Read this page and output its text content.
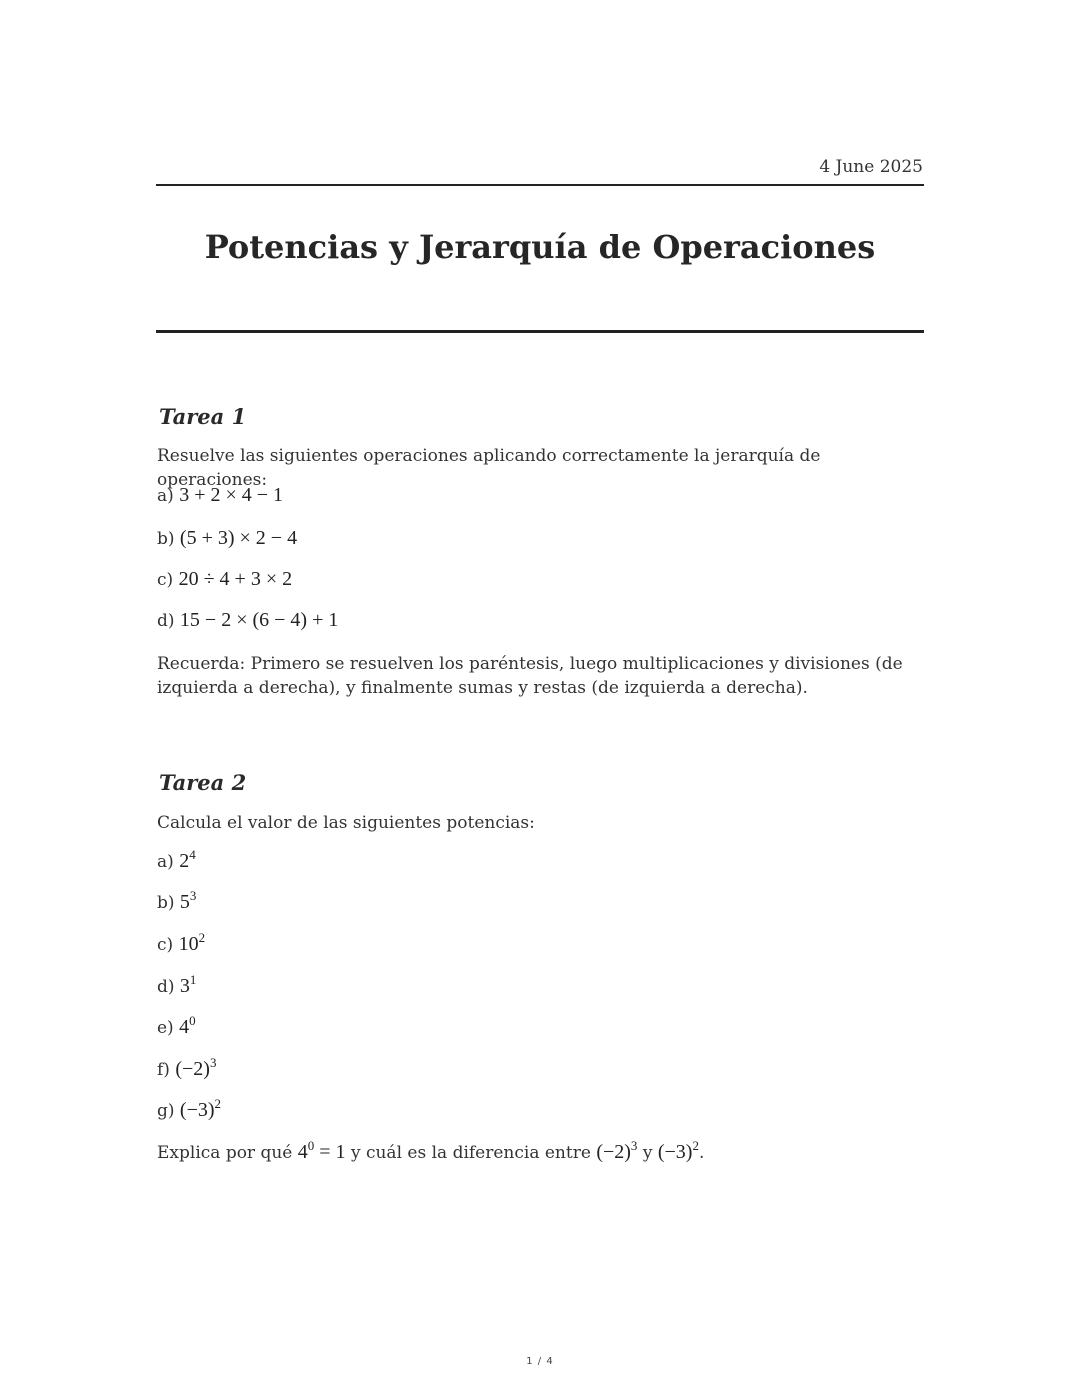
4 June 2025
Potencias y Jerarquía de Operaciones
Tarea 1
Resuelve las siguientes operaciones aplicando correctamente la jerarquía de operaciones:
a) 3 + 2 × 4 − 1
b) (5 + 3) × 2 − 4
c) 20 ÷ 4 + 3 × 2
d) 15 − 2 × (6 − 4) + 1
Recuerda: Primero se resuelven los paréntesis, luego multiplicaciones y divisiones (de izquierda a derecha), y finalmente sumas y restas (de izquierda a derecha).
Tarea 2
Calcula el valor de las siguientes potencias:
a) $2^4$
b) $5^3$
c) $10^2$
d) $3^1$
e) $4^0$
f) $(-2)^3$
g) $(-3)^2$
Explica por qué $4^0 = 1$ y cuál es la diferencia entre $(-2)^3$ y $(-3)^2$.
1 / 4
